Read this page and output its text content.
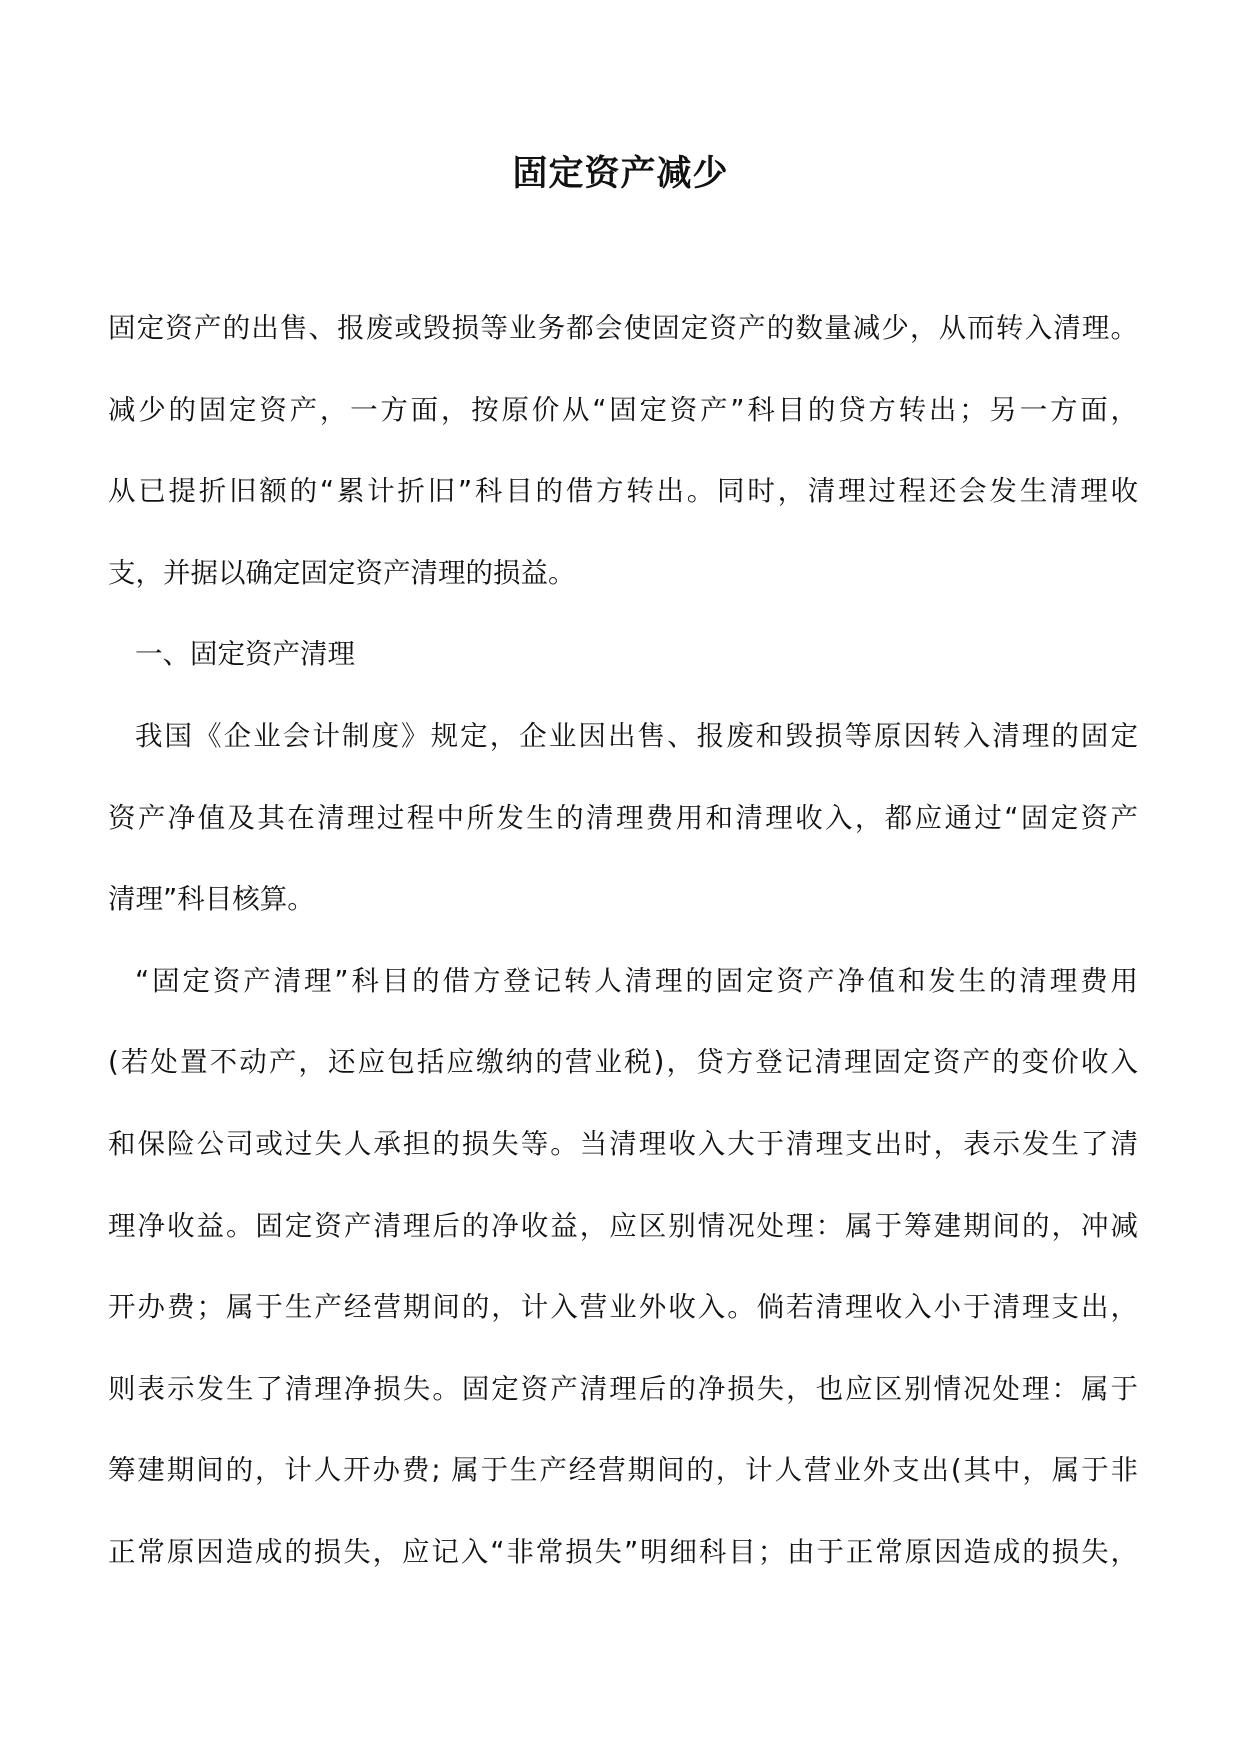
固定资产减少
固定资产的出售、报废或毁损等业务都会使固定资产的数量减少，从而转入清理。
减少的固定资产，一方面，按原价从“固定资产”科目的贷方转出；另一方面，
从已提折旧额的“累计折旧”科目的借方转出。同时，清理过程还会发生清理收
支，并据以确定固定资产清理的损益。
一、固定资产清理
我国《企业会计制度》规定，企业因出售、报废和毁损等原因转入清理的固定
资产净值及其在清理过程中所发生的清理费用和清理收入，都应通过“固定资产
清理”科目核算。
“固定资产清理”科目的借方登记转人清理的固定资产净值和发生的清理费用
(若处置不动产，还应包括应缴纳的营业税)，贷方登记清理固定资产的变价收入
和保险公司或过失人承担的损失等。当清理收入大于清理支出时，表示发生了清
理净收益。固定资产清理后的净收益，应区别情况处理：属于筹建期间的，冲减
开办费；属于生产经营期间的，计入营业外收入。倘若清理收入小于清理支出，
则表示发生了清理净损失。固定资产清理后的净损失，也应区别情况处理：属于
筹建期间的，计人开办费; 属于生产经营期间的，计人营业外支出(其中，属于非
正常原因造成的损失，应记入“非常损失”明细科目；由于正常原因造成的损失，
